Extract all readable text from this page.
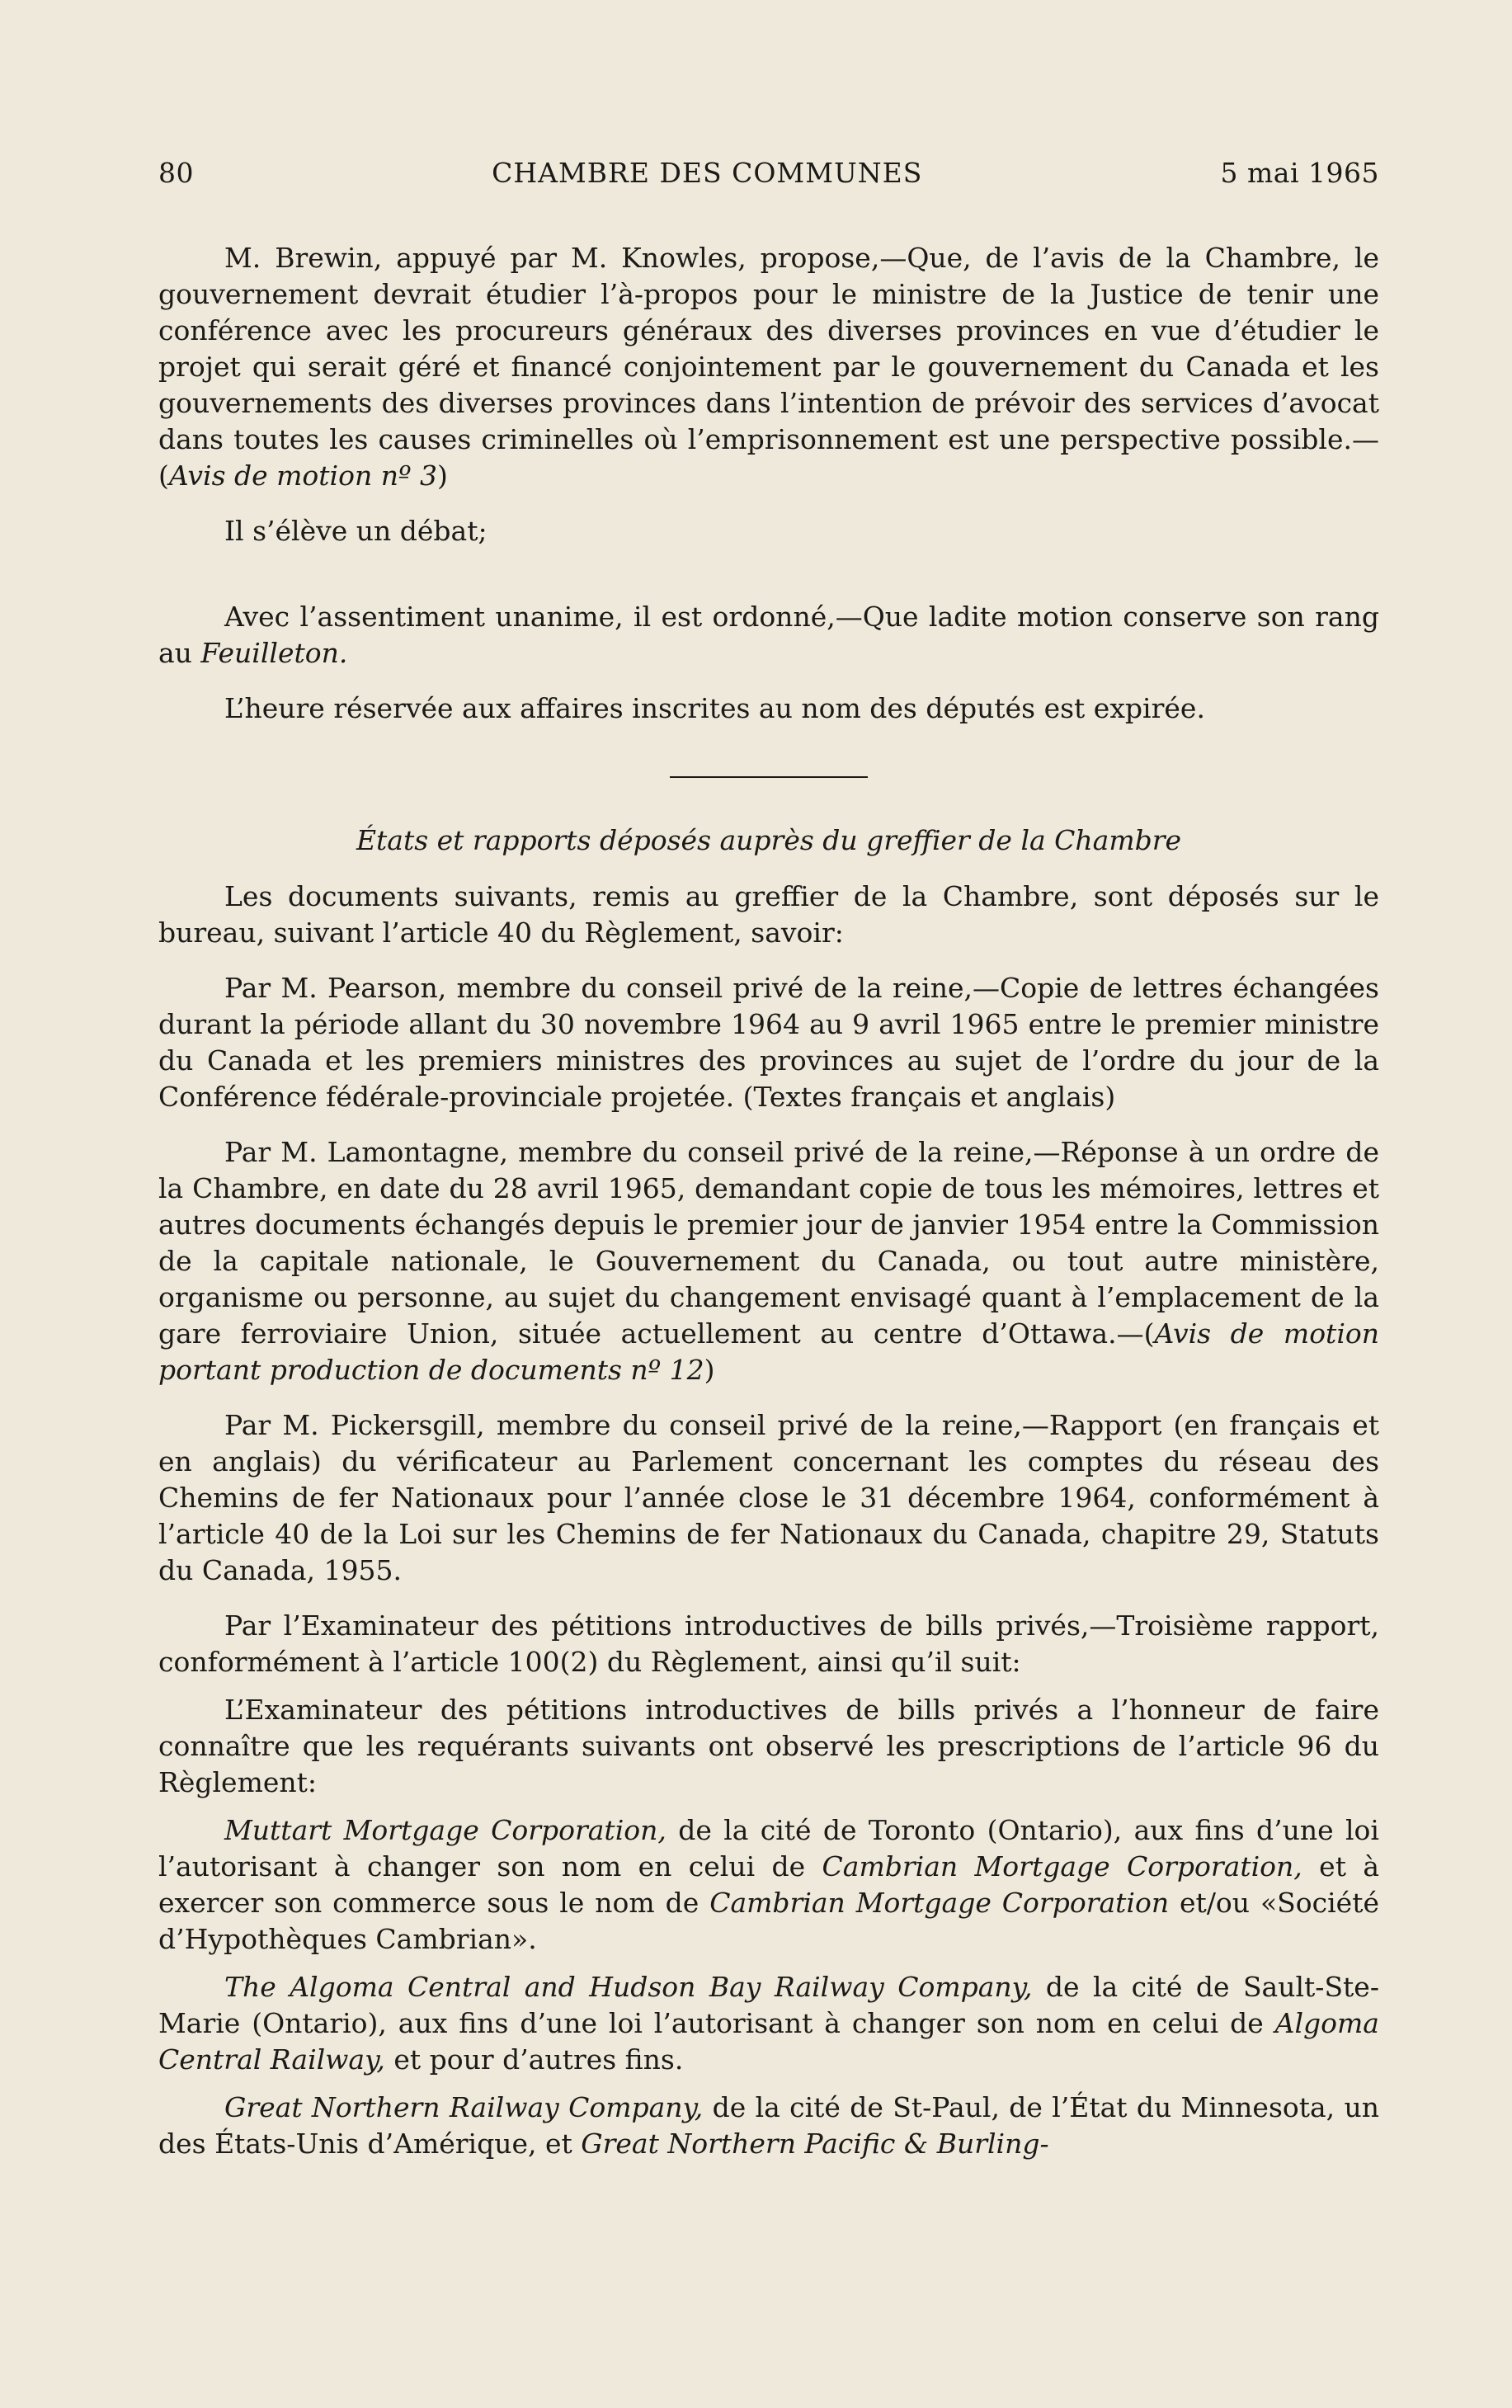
80	CHAMBRE DES COMMUNES	5 mai 1965

M. Brewin, appuyé par M. Knowles, propose,—Que, de l’avis de la Chambre, le gouvernement devrait étudier l’à-propos pour le ministre de la Justice de tenir une conférence avec les procureurs généraux des diverses provinces en vue d’étudier le projet qui serait géré et financé conjointement par le gouvernement du Canada et les gouvernements des diverses provinces dans l’intention de prévoir des services d’avocat dans toutes les causes criminelles où l’emprisonnement est une perspective possible.—(Avis de motion nº 3)

Il s’élève un débat;

Avec l’assentiment unanime, il est ordonné,—Que ladite motion conserve son rang au Feuilleton.

L’heure réservée aux affaires inscrites au nom des députés est expirée.

États et rapports déposés auprès du greffier de la Chambre

Les documents suivants, remis au greffier de la Chambre, sont déposés sur le bureau, suivant l’article 40 du Règlement, savoir:

Par M. Pearson, membre du conseil privé de la reine,—Copie de lettres échangées durant la période allant du 30 novembre 1964 au 9 avril 1965 entre le premier ministre du Canada et les premiers ministres des provinces au sujet de l’ordre du jour de la Conférence fédérale-provinciale projetée. (Textes français et anglais)

Par M. Lamontagne, membre du conseil privé de la reine,—Réponse à un ordre de la Chambre, en date du 28 avril 1965, demandant copie de tous les mémoires, lettres et autres documents échangés depuis le premier jour de janvier 1954 entre la Commission de la capitale nationale, le Gouvernement du Canada, ou tout autre ministère, organisme ou personne, au sujet du changement envisagé quant à l’emplacement de la gare ferroviaire Union, située actuellement au centre d’Ottawa.—(Avis de motion portant production de documents nº 12)

Par M. Pickersgill, membre du conseil privé de la reine,—Rapport (en français et en anglais) du vérificateur au Parlement concernant les comptes du réseau des Chemins de fer Nationaux pour l’année close le 31 décembre 1964, conformément à l’article 40 de la Loi sur les Chemins de fer Nationaux du Canada, chapitre 29, Statuts du Canada, 1955.

Par l’Examinateur des pétitions introductives de bills privés,—Troisième rapport, conformément à l’article 100(2) du Règlement, ainsi qu’il suit:

L’Examinateur des pétitions introductives de bills privés a l’honneur de faire connaître que les requérants suivants ont observé les prescriptions de l’article 96 du Règlement:

Muttart Mortgage Corporation, de la cité de Toronto (Ontario), aux fins d’une loi l’autorisant à changer son nom en celui de Cambrian Mortgage Corporation, et à exercer son commerce sous le nom de Cambrian Mortgage Corporation et/ou «Société d’Hypothèques Cambrian».

The Algoma Central and Hudson Bay Railway Company, de la cité de Sault-Ste-Marie (Ontario), aux fins d’une loi l’autorisant à changer son nom en celui de Algoma Central Railway, et pour d’autres fins.

Great Northern Railway Company, de la cité de St-Paul, de l’État du Minnesota, un des États-Unis d’Amérique, et Great Northern Pacific & Burling-
